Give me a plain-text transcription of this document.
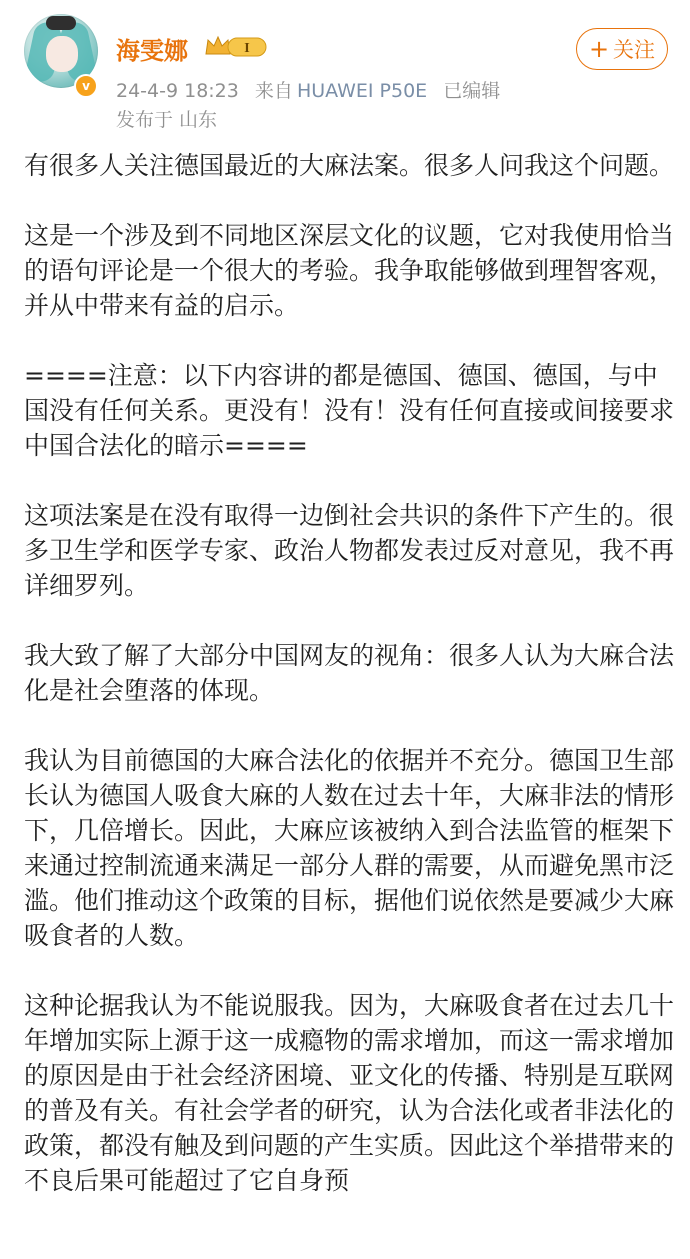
v
海雯娜	I
24-4-9 18:23 来自 HUAWEI P50E 已编辑
发布于 山东
+ 关注

有很多人关注德国最近的大麻法案。很多人问我这个问题。

这是一个涉及到不同地区深层文化的议题，它对我使用恰当的语句评论是一个很大的考验。我争取能够做到理智客观，并从中带来有益的启示。

====注意：以下内容讲的都是德国、德国、德国，与中国没有任何关系。更没有！没有！没有任何直接或间接要求中国合法化的暗示====

这项法案是在没有取得一边倒社会共识的条件下产生的。很多卫生学和医学专家、政治人物都发表过反对意见，我不再详细罗列。

我大致了解了大部分中国网友的视角：很多人认为大麻合法化是社会堕落的体现。

我认为目前德国的大麻合法化的依据并不充分。德国卫生部长认为德国人吸食大麻的人数在过去十年，大麻非法的情形下，几倍增长。因此，大麻应该被纳入到合法监管的框架下来通过控制流通来满足一部分人群的需要，从而避免黑市泛滥。他们推动这个政策的目标，据他们说依然是要减少大麻吸食者的人数。

这种论据我认为不能说服我。因为，大麻吸食者在过去几十年增加实际上源于这一成瘾物的需求增加，而这一需求增加的原因是由于社会经济困境、亚文化的传播、特别是互联网的普及有关。有社会学者的研究，认为合法化或者非法化的政策，都没有触及到问题的产生实质。因此这个举措带来的不良后果可能超过了它自身预
